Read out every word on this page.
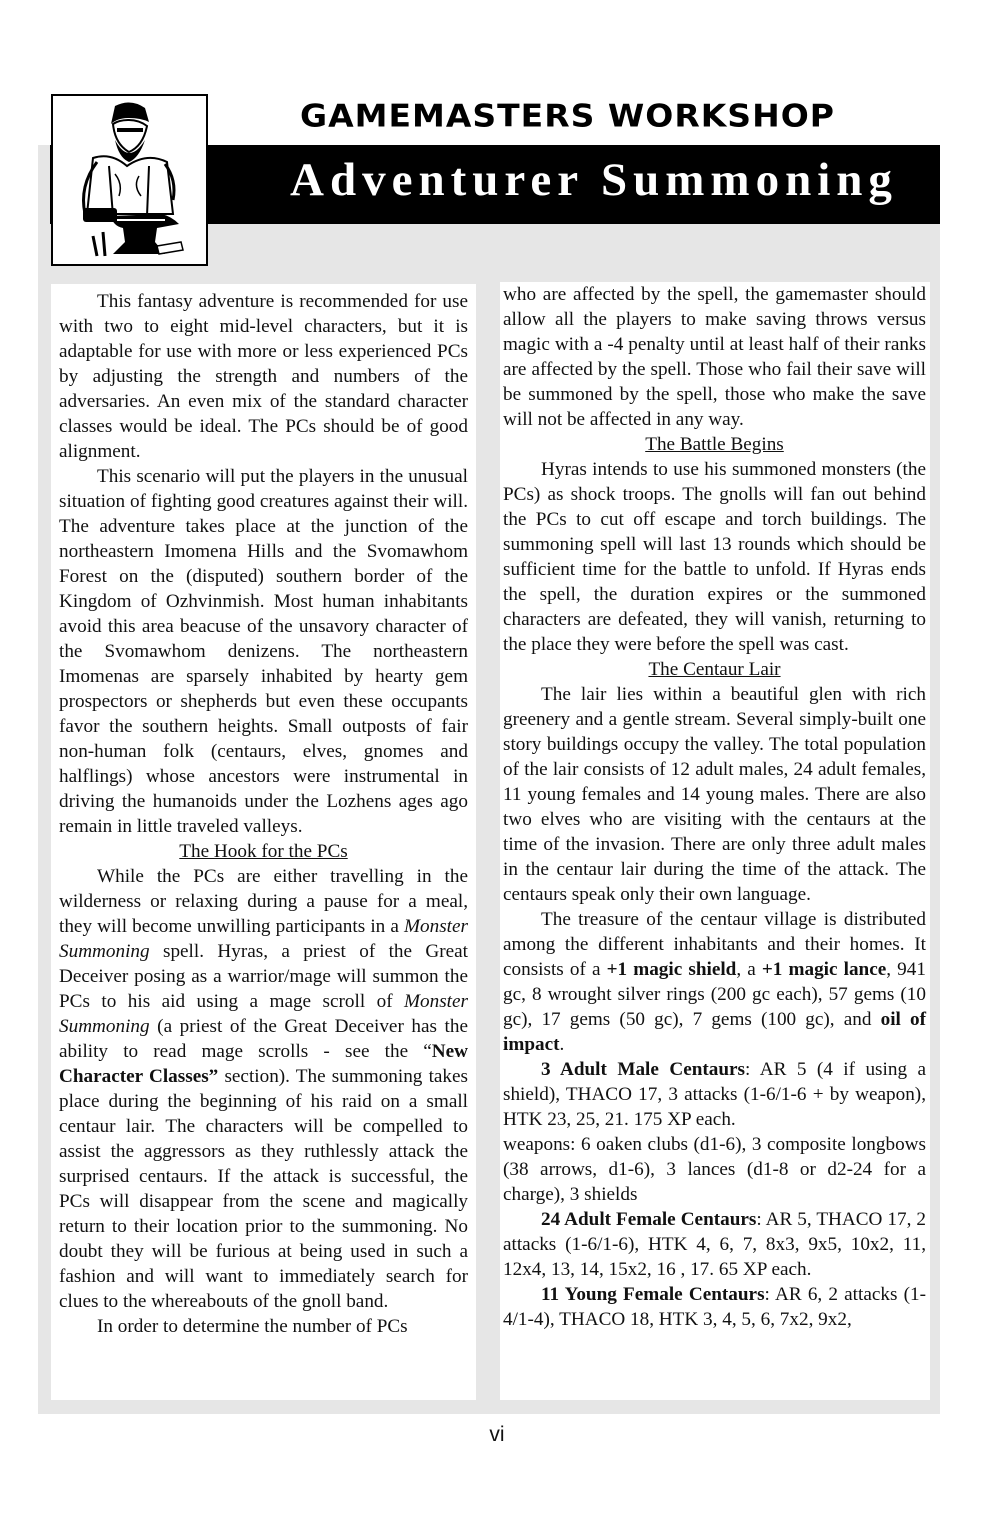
GAMEMASTERS WORKSHOP
Adventurer Summoning

This fantasy adventure is recommended for use with two to eight mid-level characters, but it is adaptable for use with more or less experienced PCs by adjusting the strength and numbers of the adversaries. An even mix of the standard character classes would be ideal. The PCs should be of good alignment.

This scenario will put the players in the unusual situation of fighting good creatures against their will. The adventure takes place at the junction of the northeastern Imomena Hills and the Svomawhom Forest on the (disputed) southern border of the Kingdom of Ozhvinmish. Most human inhabitants avoid this area beacuse of the unsavory character of the Svomawhom denizens. The northeastern Imomenas are sparsely inhabited by hearty gem prospectors or shepherds but even these occupants favor the southern heights. Small outposts of fair non-human folk (centaurs, elves, gnomes and halflings) whose ancestors were instrumental in driving the humanoids under the Lozhens ages ago remain in little traveled valleys.

The Hook for the PCs

While the PCs are either travelling in the wilderness or relaxing during a pause for a meal, they will become unwilling participants in a Monster Summoning spell. Hyras, a priest of the Great Deceiver posing as a warrior/mage will summon the PCs to his aid using a mage scroll of Monster Summoning (a priest of the Great Deceiver has the ability to read mage scrolls - see the “New Character Classes” section). The summoning takes place during the beginning of his raid on a small centaur lair. The characters will be compelled to assist the aggressors as they ruthlessly attack the surprised centaurs. If the attack is successful, the PCs will disappear from the scene and magically return to their location prior to the summoning. No doubt they will be furious at being used in such a fashion and will want to immediately search for clues to the whereabouts of the gnoll band.

In order to determine the number of PCs

who are affected by the spell, the gamemaster should allow all the players to make saving throws versus magic with a -4 penalty until at least half of their ranks are affected by the spell. Those who fail their save will be summoned by the spell, those who make the save will not be affected in any way.

The Battle Begins

Hyras intends to use his summoned monsters (the PCs) as shock troops. The gnolls will fan out behind the PCs to cut off escape and torch buildings. The summoning spell will last 13 rounds which should be sufficient time for the battle to unfold. If Hyras ends the spell, the duration expires or the summoned characters are defeated, they will vanish, returning to the place they were before the spell was cast.

The Centaur Lair

The lair lies within a beautiful glen with rich greenery and a gentle stream. Several simply-built one story buildings occupy the valley. The total population of the lair consists of 12 adult males, 24 adult females, 11 young females and 14 young males. There are also two elves who are visiting with the centaurs at the time of the invasion. There are only three adult males in the centaur lair during the time of the attack. The centaurs speak only their own language.

The treasure of the centaur village is distributed among the different inhabitants and their homes. It consists of a +1 magic shield, a +1 magic lance, 941 gc, 8 wrought silver rings (200 gc each), 57 gems (10 gc), 17 gems (50 gc), 7 gems (100 gc), and oil of impact.

3 Adult Male Centaurs: AR 5 (4 if using a shield), THACO 17, 3 attacks (1-6/1-6 + by weapon), HTK 23, 25, 21. 175 XP each.

weapons: 6 oaken clubs (d1-6), 3 composite longbows (38 arrows, d1-6), 3 lances (d1-8 or d2-24 for a charge), 3 shields

24 Adult Female Centaurs: AR 5, THACO 17, 2 attacks (1-6/1-6), HTK 4, 6, 7, 8x3, 9x5, 10x2, 11, 12x4, 13, 14, 15x2, 16 , 17. 65 XP each.

11 Young Female Centaurs: AR 6, 2 attacks (1-4/1-4), THACO 18, HTK 3, 4, 5, 6, 7x2, 9x2,

vi
